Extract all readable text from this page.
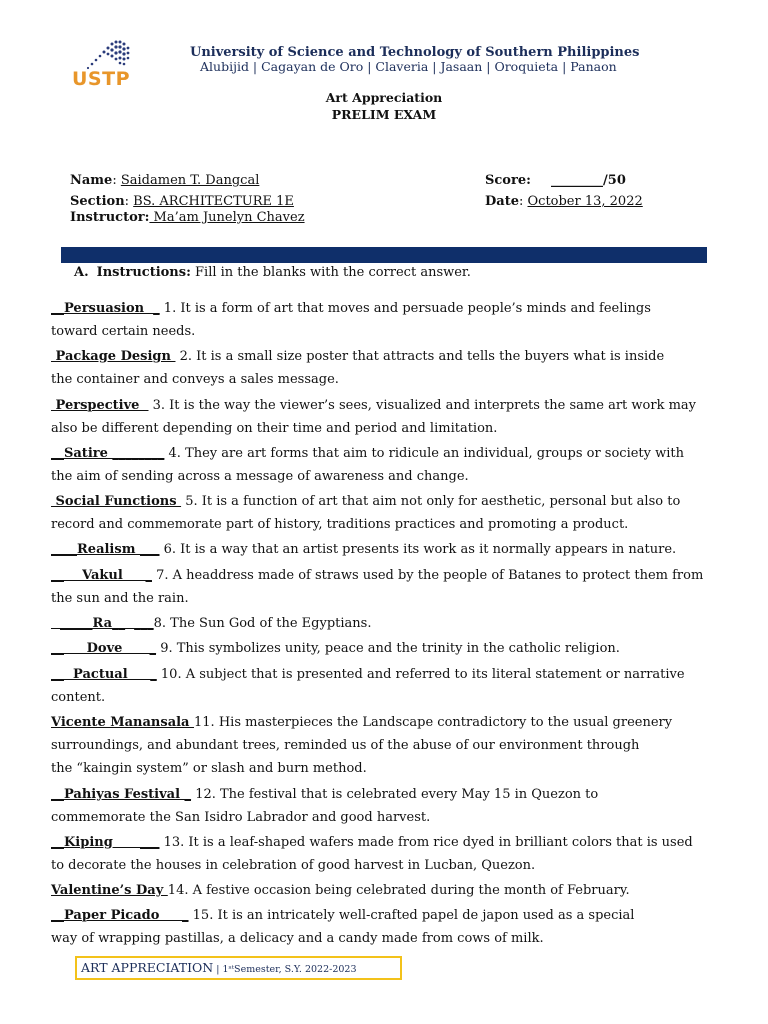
USTP
University of Science and Technology of Southern Philippines
Alubijid | Cagayan de Oro | Claveria | Jasaan | Oroquieta | Panaon
Art Appreciation
PRELIM EXAM
Name: Saidamen T. Dangcal
Section: BS. ARCHITECTURE 1E
Instructor: Ma’am Junelyn Chavez
Score: ________/50
Date: October 13, 2022
A. Instructions: Fill in the blanks with the correct answer.
__Persuasion  _ 1. It is a form of art that moves and persuade people’s minds and feelings
toward certain needs.
Package Design  2. It is a small size poster that attracts and tells the buyers what is inside
the container and conveys a sales message.
Perspective   3. It is the way the viewer’s sees, visualized and interprets the same art work may
also be different depending on their time and period and limitation.
__Satire ________ 4. They are art forms that aim to ridicule an individual, groups or society with
the aim of sending across a message of awareness and change.
Social Functions  5. It is a function of art that aim not only for aesthetic, personal but also to
record and commemorate part of history, traditions practices and promoting a product.
____Realism ___ 6. It is a way that an artist presents its work as it normally appears in nature.
__    Vakul     _ 7. A headdress made of straws used by the people of Batanes to protect them from
the sun and the rain.
_____Ra__  ___8. The Sun God of the Egyptians.
__     Dove      _ 9. This symbolizes unity, peace and the trinity in the catholic religion.
__  Pactual     _ 10. A subject that is presented and referred to its literal statement or narrative
content.
Vicente Manansala 11. His masterpieces the Landscape contradictory to the usual greenery
surroundings, and abundant trees, reminded us of the abuse of our environment through
the “kaingin system” or slash and burn method.
__Pahiyas Festival _ 12. The festival that is celebrated every May 15 in Quezon to
commemorate the San Isidro Labrador and good harvest.
__Kiping      ___ 13. It is a leaf-shaped wafers made from rice dyed in brilliant colors that is used
to decorate the houses in celebration of good harvest in Lucban, Quezon.
Valentine’s Day 14. A festive occasion being celebrated during the month of February.
__Paper Picado     _ 15. It is an intricately well-crafted papel de japon used as a special
way of wrapping pastillas, a delicacy and a candy made from cows of milk.
ART APPRECIATION | 1ˢᵗSemester, S.Y. 2022-2023
